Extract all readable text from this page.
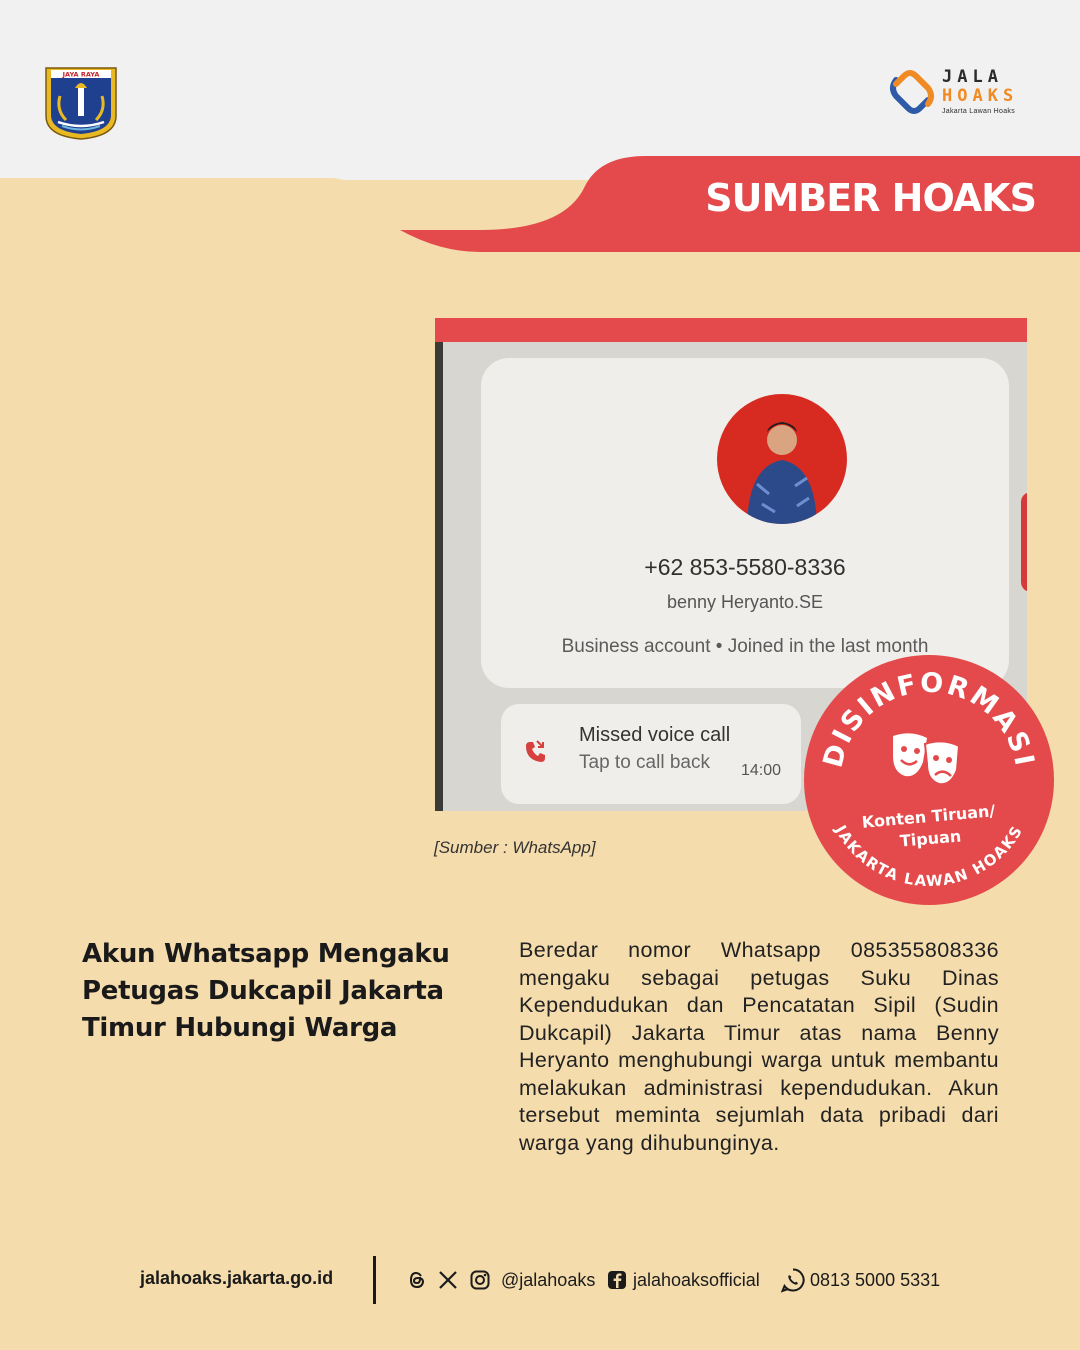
JAYA RAYA	JALA
HOAKS
Jakarta Lawan Hoaks
SUMBER HOAKS
+62 853-5580-8336
benny Heryanto.SE
Business account • Joined in the last month
Missed voice call
Tap to call back 14:00
[Sumber : WhatsApp]
DISINFORMASI
JAKARTA LAWAN HOAKS
Konten Tiruan/
Tipuan
Akun Whatsapp Mengaku Petugas Dukcapil Jakarta Timur Hubungi Warga
Beredar nomor Whatsapp 085355808336 mengaku sebagai petugas Suku Dinas Kependudukan dan Pencatatan Sipil (Sudin Dukcapil) Jakarta Timur atas nama Benny Heryanto menghubungi warga untuk membantu melakukan administrasi kependudukan. Akun tersebut meminta sejumlah data pribadi dari warga yang dihubunginya.
jalahoaks.jakarta.go.id	@jalahoaks jalahoaksofficial	0813 5000 5331
